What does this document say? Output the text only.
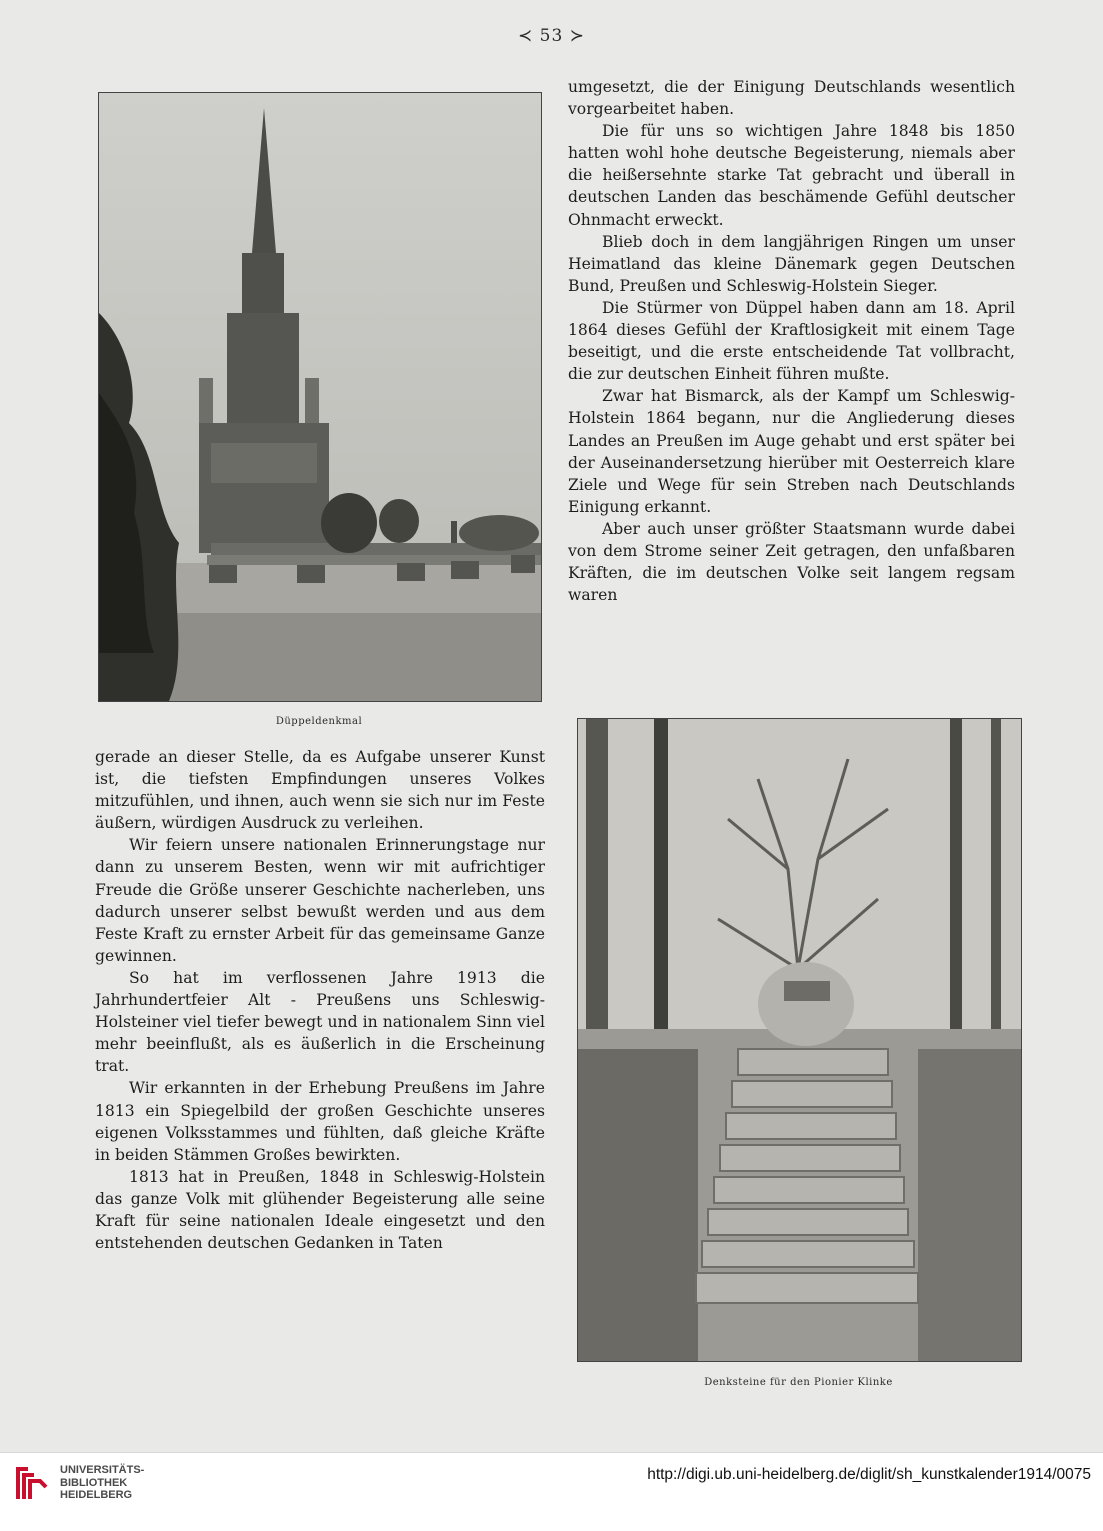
≺ 53 ≻
Düppeldenkmal

umgesetzt, die der Einigung Deutschlands wesentlich vorgearbeitet haben.

Die für uns so wichtigen Jahre 1848 bis 1850 hatten wohl hohe deutsche Begeisterung, niemals aber die heißersehnte starke Tat gebracht und überall in deutschen Landen das beschämende Gefühl deutscher Ohnmacht erweckt.

Blieb doch in dem langjährigen Ringen um unser Heimatland das kleine Dänemark gegen Deutschen Bund, Preußen und Schleswig-Holstein Sieger.

Die Stürmer von Düppel haben dann am 18. April 1864 dieses Gefühl der Kraftlosigkeit mit einem Tage beseitigt, und die erste entscheidende Tat vollbracht, die zur deutschen Einheit führen mußte.

Zwar hat Bismarck, als der Kampf um Schleswig-Holstein 1864 begann, nur die Angliederung dieses Landes an Preußen im Auge gehabt und erst später bei der Auseinandersetzung hierüber mit Oesterreich klare Ziele und Wege für sein Streben nach Deutschlands Einigung erkannt.

Aber auch unser größter Staatsmann wurde dabei von dem Strome seiner Zeit getragen, den unfaßbaren Kräften, die im deutschen Volke seit langem regsam waren

Denksteine für den Pionier Klinke

gerade an dieser Stelle, da es Aufgabe unserer Kunst ist, die tiefsten Empfindungen unseres Volkes mitzufühlen, und ihnen, auch wenn sie sich nur im Feste äußern, würdigen Ausdruck zu verleihen.

Wir feiern unsere nationalen Erinnerungstage nur dann zu unserem Besten, wenn wir mit aufrichtiger Freude die Größe unserer Geschichte nacherleben, uns dadurch unserer selbst bewußt werden und aus dem Feste Kraft zu ernster Arbeit für das gemeinsame Ganze gewinnen.

So hat im verflossenen Jahre 1913 die Jahrhundertfeier Alt - Preußens uns Schleswig-Holsteiner viel tiefer bewegt und in nationalem Sinn viel mehr beeinflußt, als es äußerlich in die Erscheinung trat.

Wir erkannten in der Erhebung Preußens im Jahre 1813 ein Spiegelbild der großen Geschichte unseres eigenen Volksstammes und fühlten, daß gleiche Kräfte in beiden Stämmen Großes bewirkten.

1813 hat in Preußen, 1848 in Schleswig-Holstein das ganze Volk mit glühender Begeisterung alle seine Kraft für seine nationalen Ideale eingesetzt und den entstehenden deutschen Gedanken in Taten

UNIVERSITÄTS-
BIBLIOTHEK
HEIDELBERG
http://digi.ub.uni-heidelberg.de/diglit/sh_kunstkalender1914/0075
